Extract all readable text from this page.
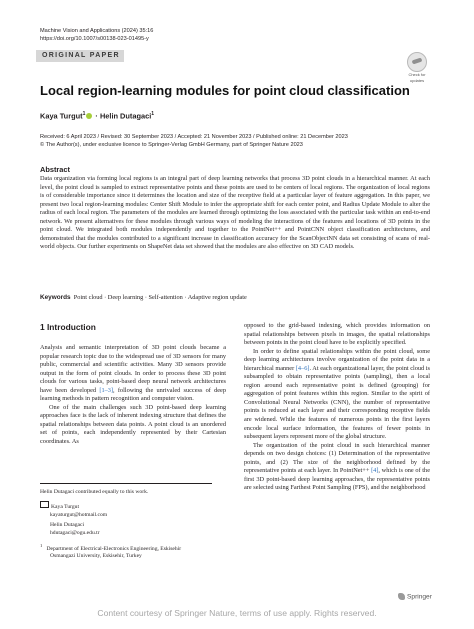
Machine Vision and Applications (2024) 35:16
https://doi.org/10.1007/s00138-023-01495-y
ORIGINAL PAPER
Check for
updates
Local region-learning modules for point cloud classification
Kaya Turgut$^1$ · Helin Dutagaci$^1$
Received: 6 April 2023 / Revised: 30 September 2023 / Accepted: 21 November 2023 / Published online: 21 December 2023
© The Author(s), under exclusive licence to Springer-Verlag GmbH Germany, part of Springer Nature 2023
Abstract
Data organization via forming local regions is an integral part of deep learning networks that process 3D point clouds in a hierarchical manner. At each level, the point cloud is sampled to extract representative points and these points are used to be centers of local regions. The organization of local regions is of considerable importance since it determines the location and size of the receptive field at a particular layer of feature aggregation. In this paper, we present two local region-learning modules: Center Shift Module to infer the appropriate shift for each center point, and Radius Update Module to alter the radius of each local region. The parameters of the modules are learned through optimizing the loss associated with the particular task within an end-to-end network. We present alternatives for these modules through various ways of modeling the interactions of the features and locations of 3D points in the point cloud. We integrated both modules independently and together to the PointNet++ and PointCNN object classification architectures, and demonstrated that the modules contributed to a significant increase in classification accuracy for the ScanObjectNN data set consisting of scans of real-world objects. Our further experiments on ShapeNet data set showed that the modules are also effective on 3D CAD models.
Keywords Point cloud · Deep learning · Self-attention · Adaptive region update
1 Introduction

Analysis and semantic interpretation of 3D point clouds became a popular research topic due to the widespread use of 3D sensors for many public, commercial and scientific activities. Many 3D sensors provide output in the form of point clouds. In order to process these 3D point clouds for various tasks, point-based deep neural network architectures have been developed [1–3], following the unrivaled success of deep learning methods in pattern recognition and computer vision.

One of the main challenges such 3D point-based deep learning approaches face is the lack of inherent indexing structure that defines the spatial relationships between data points. A point cloud is an unordered set of points, each independently represented by their Cartesian coordinates. As

opposed to the grid-based indexing, which provides information on spatial relationships between pixels in images, the spatial relationships between points in the point cloud have to be explicitly specified.

In order to define spatial relationships within the point cloud, some deep learning architectures involve organization of the point data in a hierarchical manner [4–6]. At each organizational layer, the point cloud is subsampled to obtain representative points (sampling), then a local region around each representative point is defined (grouping) for aggregation of point features within this region. Similar to the spirit of Convolutional Neural Networks (CNN), the number of representative points is reduced at each layer and their corresponding receptive fields are widened. While the features of numerous points in the first layers encode local surface information, the features of fewer points in subsequent layers represent more of the global structure.

The organization of the point cloud in such hierarchical manner depends on two design choices: (1) Determination of the representative points, and (2) The size of the neighborhood defined by the representative points at each layer. In PointNet++ [4], which is one of the first 3D point-based deep learning approaches, the representative points are selected using Farthest Point Sampling (FPS), and the neighborhood

Helin Dutagaci contributed equally to this work.
Kaya Turgut
kayaturgut@hotmail.com
Helin Dutagaci
hdutagaci@ogu.edu.tr
$^1$   Department of Electrical-Electronics Engineering, Eskisehir
Osmangazi University, Eskisehir, Turkey
Springer
Content courtesy of Springer Nature, terms of use apply. Rights reserved.
